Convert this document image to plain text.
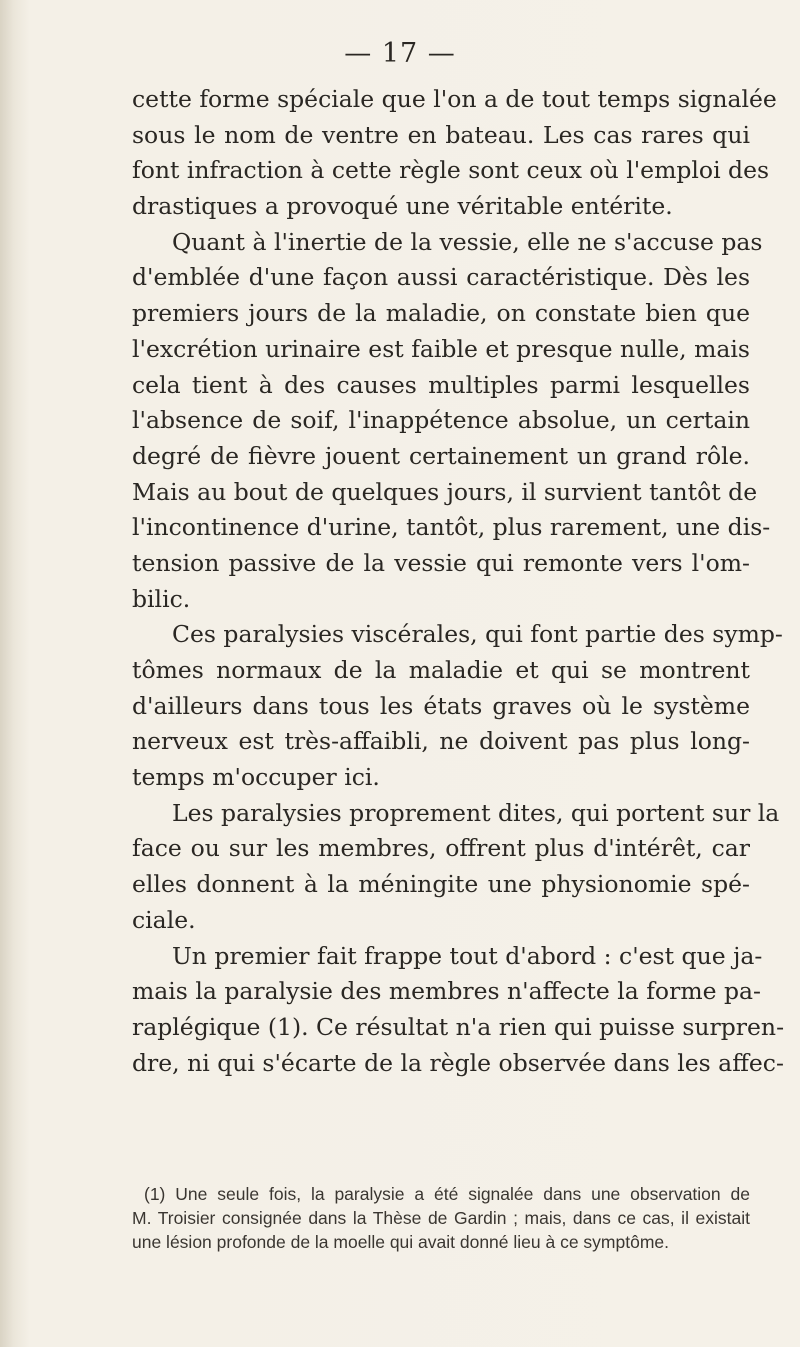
— 17 —
cette forme spéciale que l'on a de tout temps signalée
sous le nom de ventre en bateau. Les cas rares qui
font infraction à cette règle sont ceux où l'emploi des
drastiques a provoqué une véritable entérite.
Quant à l'inertie de la vessie, elle ne s'accuse pas
d'emblée d'une façon aussi caractéristique. Dès les
premiers jours de la maladie, on constate bien que
l'excrétion urinaire est faible et presque nulle, mais
cela tient à des causes multiples parmi lesquelles
l'absence de soif, l'inappétence absolue, un certain
degré de fièvre jouent certainement un grand rôle.
Mais au bout de quelques jours, il survient tantôt de
l'incontinence d'urine, tantôt, plus rarement, une dis-
tension passive de la vessie qui remonte vers l'om-
bilic.
Ces paralysies viscérales, qui font partie des symp-
tômes normaux de la maladie et qui se montrent
d'ailleurs dans tous les états graves où le système
nerveux est très-affaibli, ne doivent pas plus long-
temps m'occuper ici.
Les paralysies proprement dites, qui portent sur la
face ou sur les membres, offrent plus d'intérêt, car
elles donnent à la méningite une physionomie spé-
ciale.
Un premier fait frappe tout d'abord : c'est que ja-
mais la paralysie des membres n'affecte la forme pa-
raplégique (1). Ce résultat n'a rien qui puisse surpren-
dre, ni qui s'écarte de la règle observée dans les affec-
(1) Une seule fois, la paralysie a été signalée dans une observation de
M. Troisier consignée dans la Thèse de Gardin ; mais, dans ce cas, il existait
une lésion profonde de la moelle qui avait donné lieu à ce symptôme.
